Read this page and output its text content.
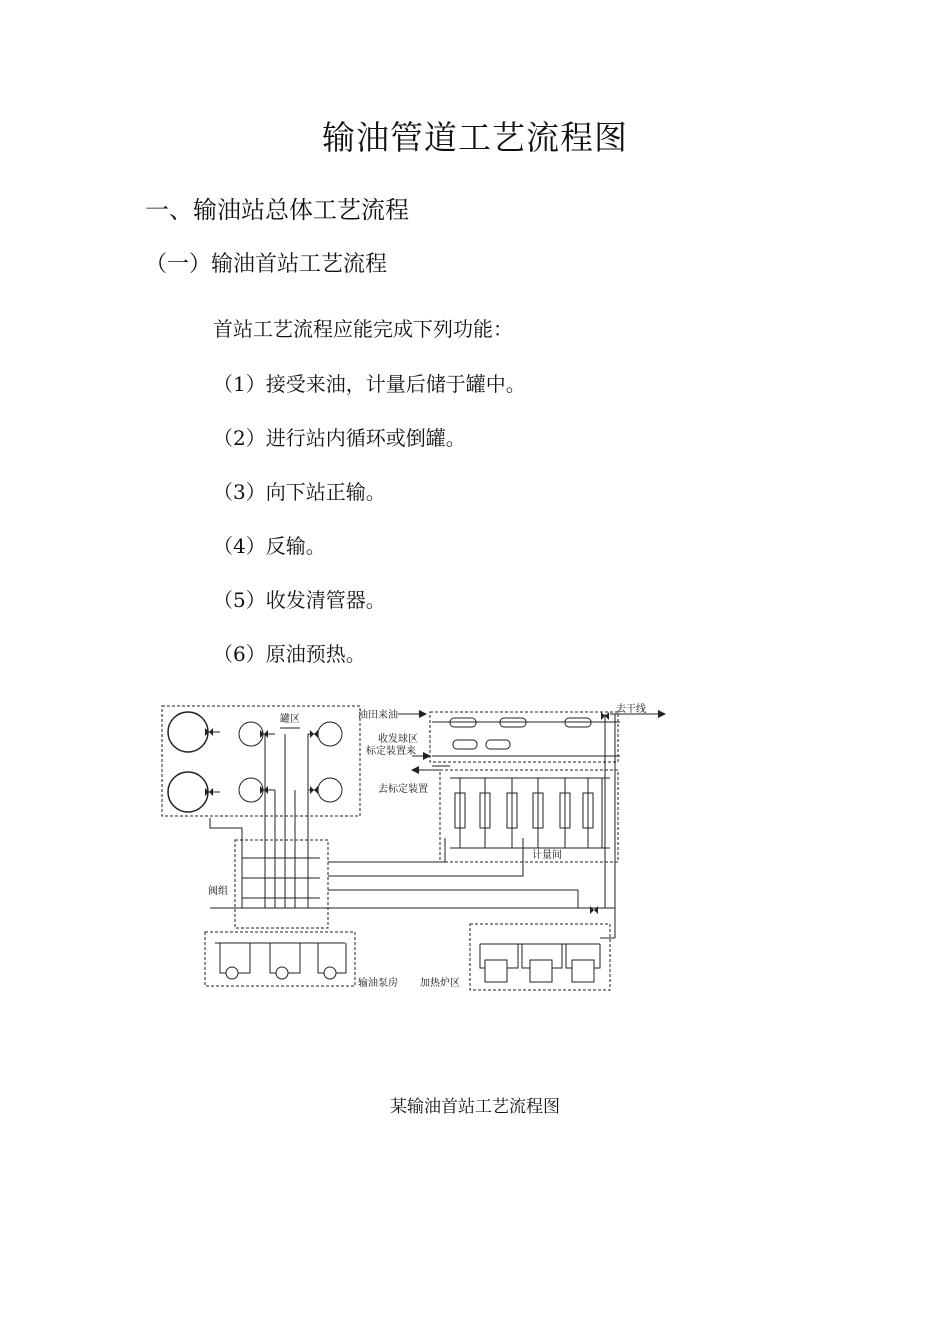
输油管道工艺流程图
一、输油站总体工艺流程
（一）输油首站工艺流程
首站工艺流程应能完成下列功能：
（1）接受来油，计量后储于罐中。
（2）进行站内循环或倒罐。
（3）向下站正输。
（4）反输。
（5）收发清管器。
（6）原油预热。
罐区	油田来油
去干线
收发球区
标定装置来
去标定装置
阀组
计量间
输油泵房 加热炉区
某输油首站工艺流程图
